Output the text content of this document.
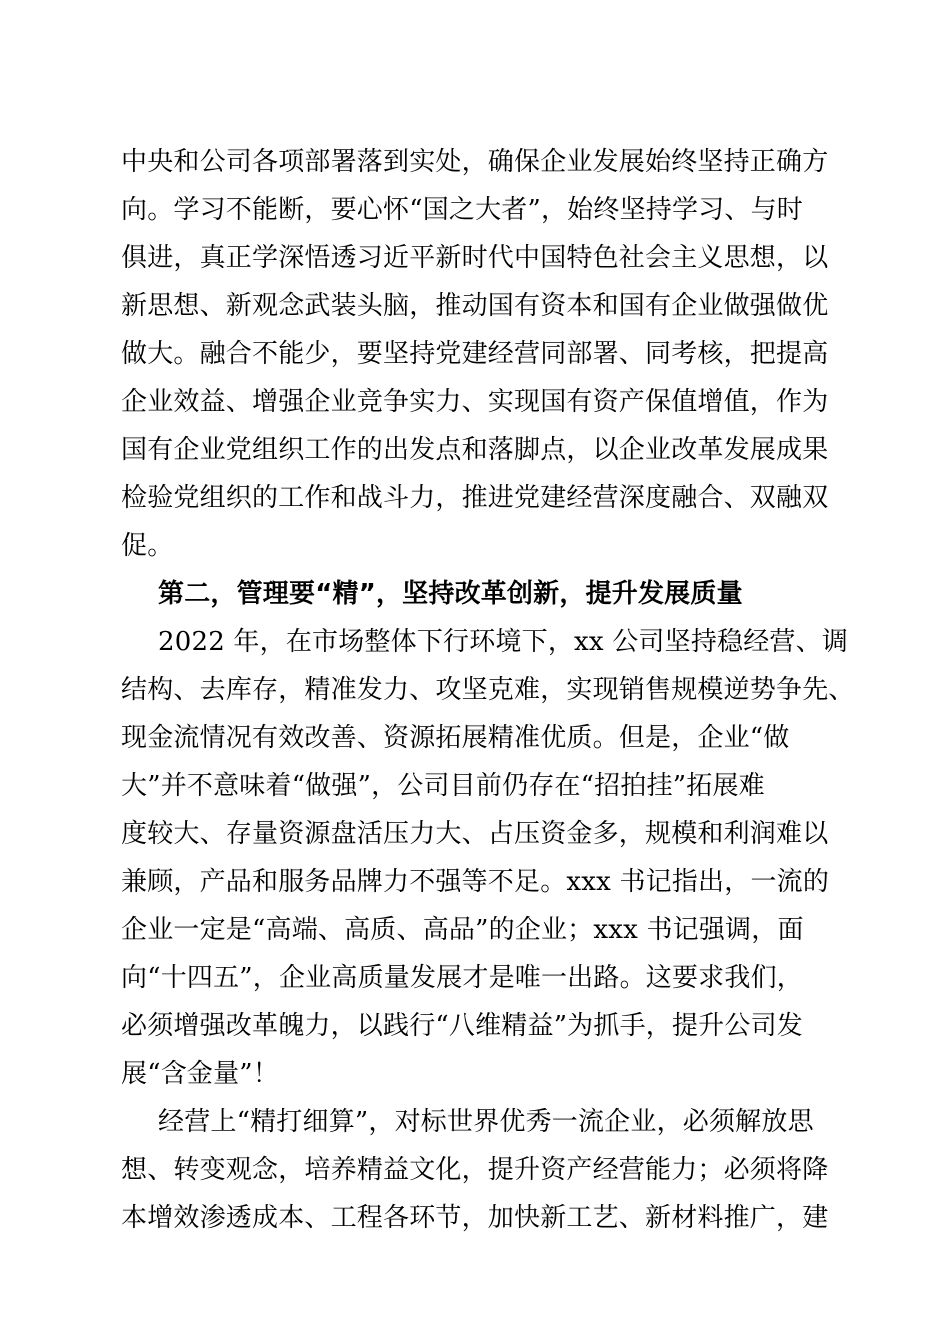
中央和公司各项部署落到实处，确保企业发展始终坚持正确方
向。学习不能断，要心怀“国之大者”，始终坚持学习、与时
俱进，真正学深悟透习近平新时代中国特色社会主义思想，以
新思想、新观念武装头脑，推动国有资本和国有企业做强做优
做大。融合不能少，要坚持党建经营同部署、同考核，把提高
企业效益、增强企业竞争实力、实现国有资产保值增值，作为
国有企业党组织工作的出发点和落脚点，以企业改革发展成果
检验党组织的工作和战斗力，推进党建经营深度融合、双融双
促。
第二，管理要“精”，坚持改革创新，提升发展质量
2022 年，在市场整体下行环境下，xx 公司坚持稳经营、调
结构、去库存，精准发力、攻坚克难，实现销售规模逆势争先、
现金流情况有效改善、资源拓展精准优质。但是，企业“做
大”并不意味着“做强”，公司目前仍存在“招拍挂”拓展难
度较大、存量资源盘活压力大、占压资金多，规模和利润难以
兼顾，产品和服务品牌力不强等不足。xxx 书记指出，一流的
企业一定是“高端、高质、高品”的企业；xxx 书记强调，面
向“十四五”，企业高质量发展才是唯一出路。这要求我们，
必须增强改革魄力，以践行“八维精益”为抓手，提升公司发
展“含金量”！
经营上“精打细算”，对标世界优秀一流企业，必须解放思
想、转变观念，培养精益文化，提升资产经营能力；必须将降
本增效渗透成本、工程各环节，加快新工艺、新材料推广，建
